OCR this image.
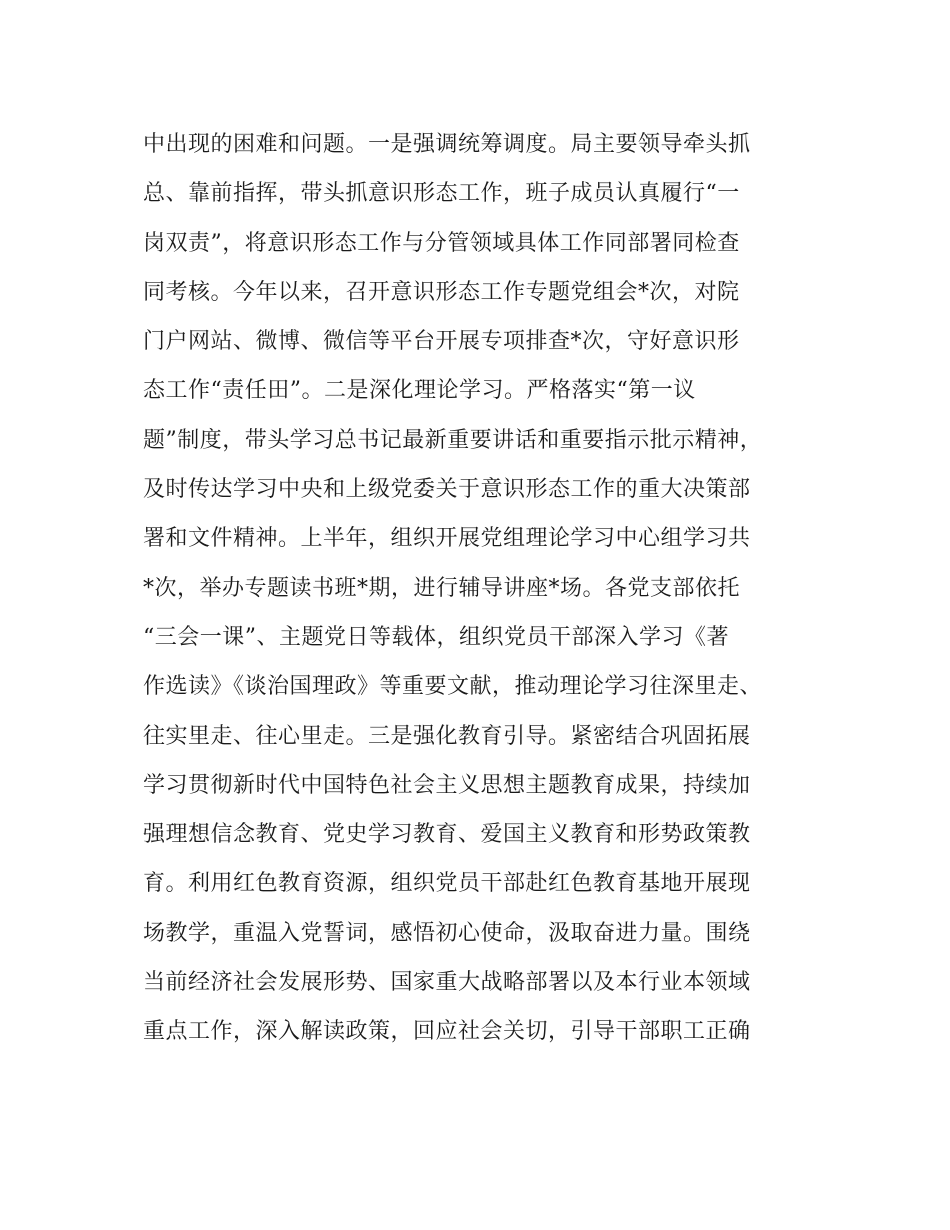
中出现的困难和问题。一是强调统筹调度。局主要领导牵头抓
总、靠前指挥，带头抓意识形态工作，班子成员认真履行“一
岗双责”，将意识形态工作与分管领域具体工作同部署同检查
同考核。今年以来，召开意识形态工作专题党组会*次，对院
门户网站、微博、微信等平台开展专项排查*次，守好意识形
态工作“责任田”。二是深化理论学习。严格落实“第一议
题”制度，带头学习总书记最新重要讲话和重要指示批示精神，
及时传达学习中央和上级党委关于意识形态工作的重大决策部
署和文件精神。上半年，组织开展党组理论学习中心组学习共
*次，举办专题读书班*期，进行辅导讲座*场。各党支部依托
“三会一课”、主题党日等载体，组织党员干部深入学习《著
作选读》《谈治国理政》等重要文献，推动理论学习往深里走、
往实里走、往心里走。三是强化教育引导。紧密结合巩固拓展
学习贯彻新时代中国特色社会主义思想主题教育成果，持续加
强理想信念教育、党史学习教育、爱国主义教育和形势政策教
育。利用红色教育资源，组织党员干部赴红色教育基地开展现
场教学，重温入党誓词，感悟初心使命，汲取奋进力量。围绕
当前经济社会发展形势、国家重大战略部署以及本行业本领域
重点工作，深入解读政策，回应社会关切，引导干部职工正确
